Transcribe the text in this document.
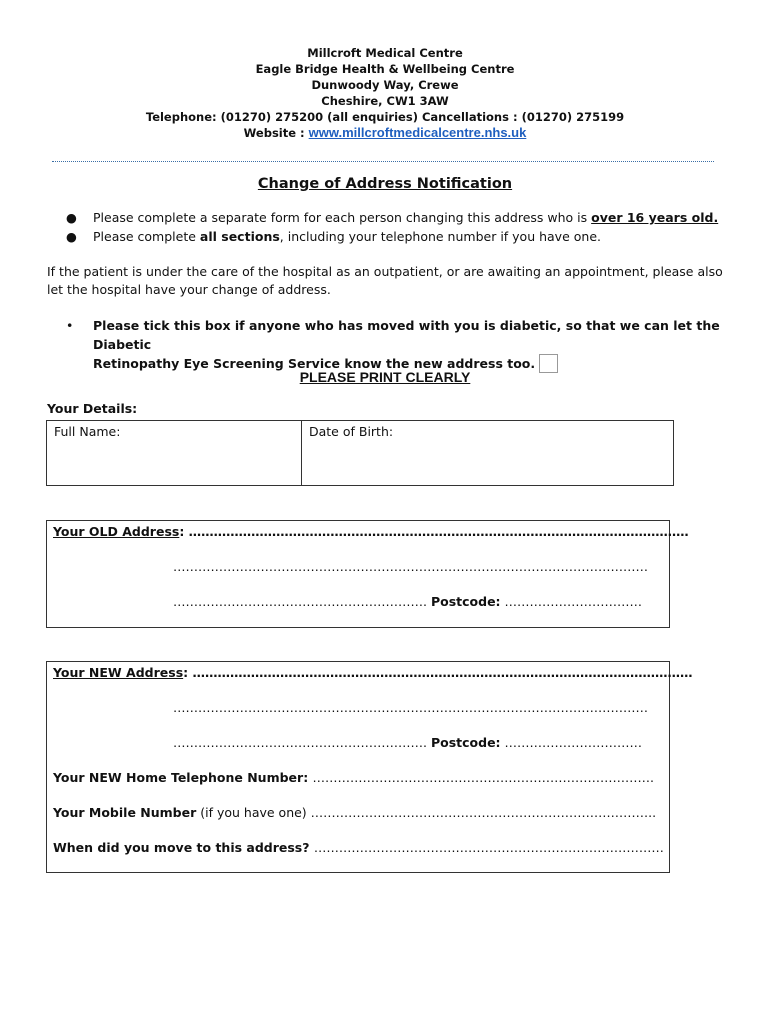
Millcroft Medical Centre
Eagle Bridge Health & Wellbeing Centre
Dunwoody Way, Crewe
Cheshire, CW1 3AW
Telephone: (01270) 275200 (all enquiries) Cancellations : (01270) 275199
Website : www.millcroftmedicalcentre.nhs.uk
Change of Address Notification
● Please complete a separate form for each person changing this address who is over 16 years old.
● Please complete all sections, including your telephone number if you have one.
If the patient is under the care of the hospital as an outpatient, or are awaiting an appointment, please also let the hospital have your change of address.
• Please tick this box if anyone who has moved with you is diabetic, so that we can let the Diabetic
Retinopathy Eye Screening Service know the new address too.
PLEASE PRINT CLEARLY
Your Details:
Full Name:	Date of Birth:
Your OLD Address: …………………………………………………………………………………………………………
……………………………………………………………………………………………………
……………………………………………………. Postcode: ……………………………
Your NEW Address: …………………………………………………………………………………………………………
……………………………………………………………………………………………………
……………………………………………………. Postcode: ……………………………
Your NEW Home Telephone Number: ……………………………………………………………………….
Your Mobile Number (if you have one) ………………………………………………………………………..
When did you move to this address? …………………………………………………………………………
